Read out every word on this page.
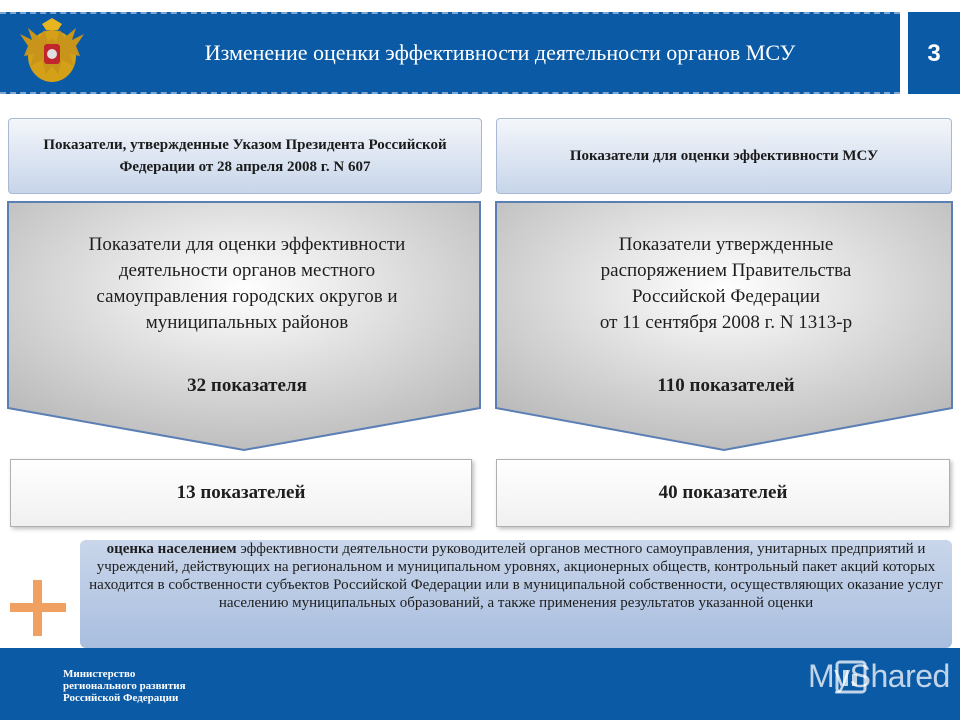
Изменение оценки эффективности деятельности органов МСУ	3
Показатели, утвержденные Указом Президента Российской Федерации от 28 апреля 2008 г. N 607
Показатели для оценки эффективности МСУ
Показатели для оценки эффективности
деятельности органов местного
самоуправления городских округов и
муниципальных районов
32 показателя
Показатели утвержденные
распоряжением Правительства
Российской Федерации
от 11 сентября 2008 г. N 1313-р
110 показателей
13 показателей	40 показателей
оценка населением эффективности деятельности руководителей органов местного самоуправления, унитарных предприятий и учреждений, действующих на региональном и муниципальном уровнях, акционерных обществ, контрольный пакет акций которых находится в собственности субъектов Российской Федерации или в муниципальной собственности, осуществляющих оказание услуг населению муниципальных образований, а также применения результатов указанной оценки
Министерство
регионального развития
Российской Федерации
MyShared
